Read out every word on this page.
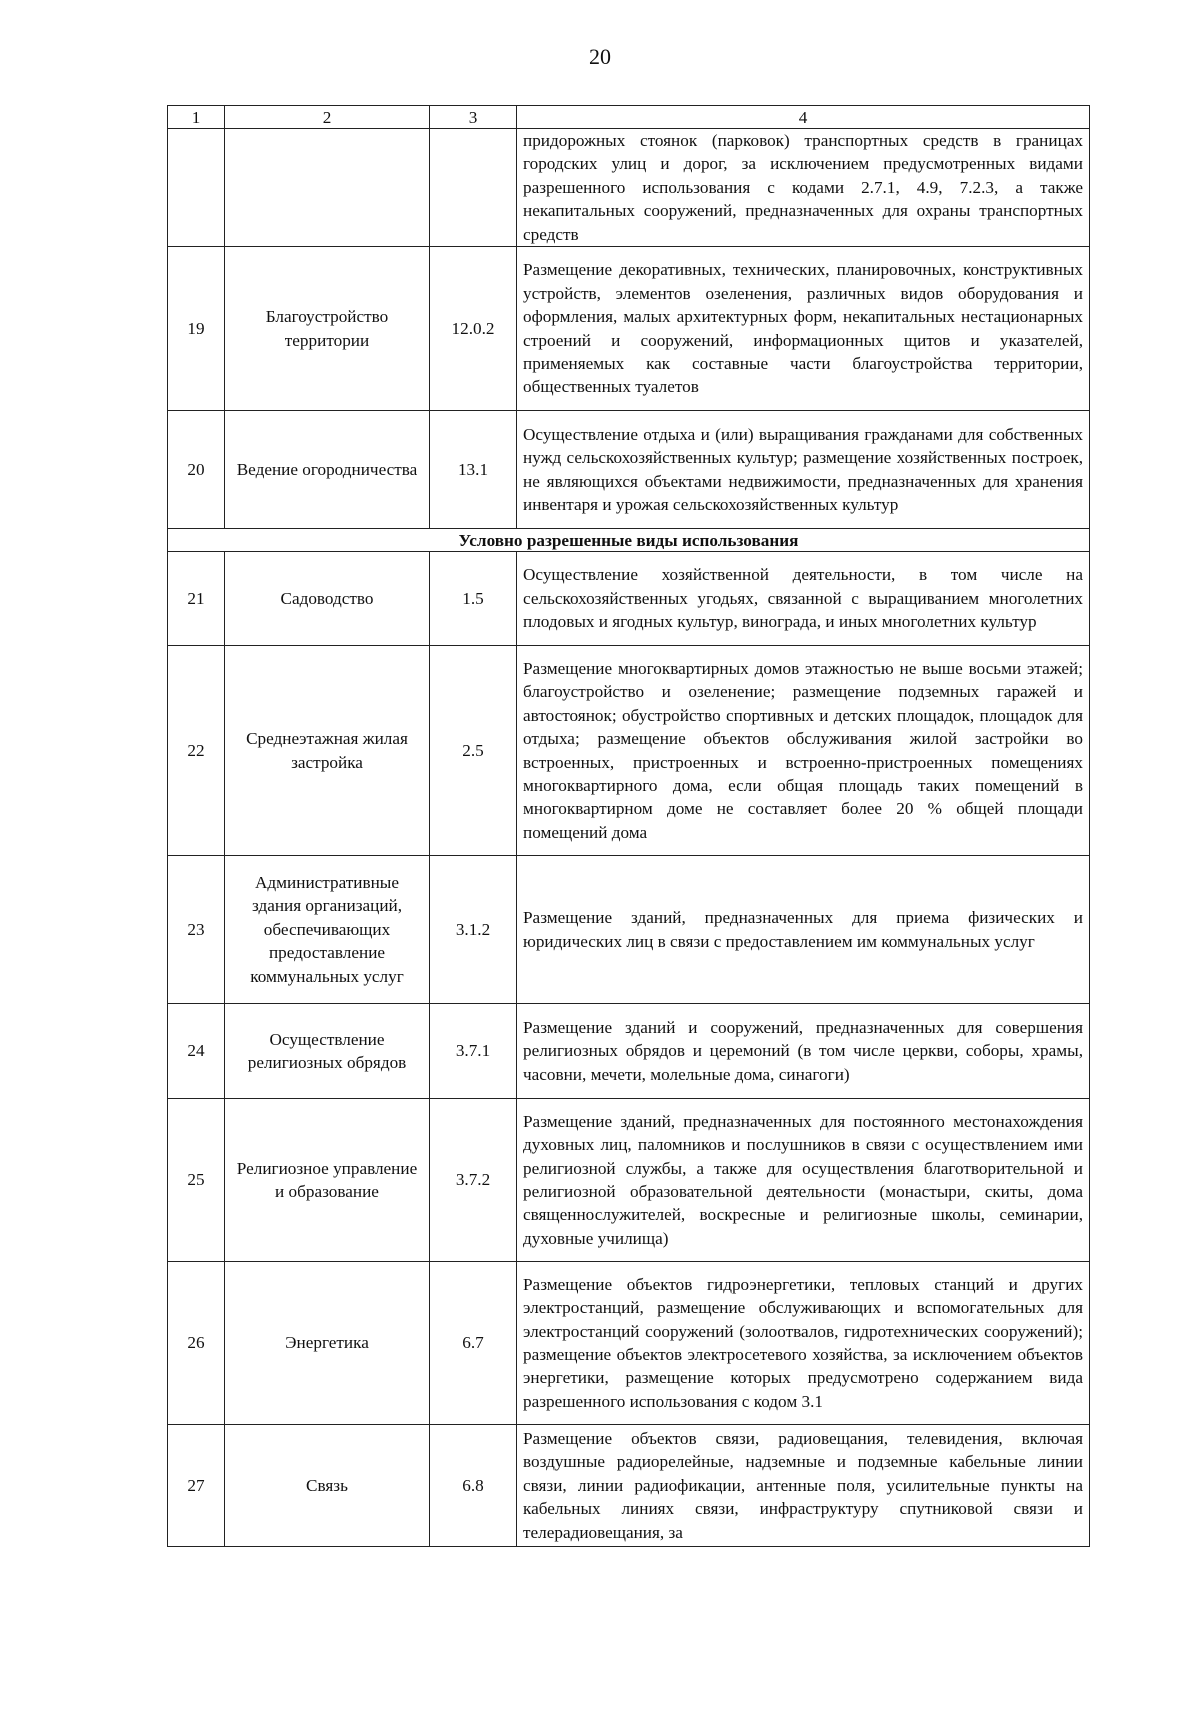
20
1	2	3	4
			придорожных стоянок (парковок) транспортных средств в границах городских улиц и дорог, за исключением предусмотренных видами разрешенного использования с кодами 2.7.1, 4.9, 7.2.3, а также некапитальных сооружений, предназначенных для охраны транспортных средств
19	Благоустройство территории	12.0.2	Размещение декоративных, технических, планировочных, конструктивных устройств, элементов озеленения, различных видов оборудования и оформления, малых архитектурных форм, некапитальных нестационарных строений и сооружений, информационных щитов и указателей, применяемых как составные части благоустройства территории, общественных туалетов
20	Ведение огородничества	13.1	Осуществление отдыха и (или) выращивания гражданами для собственных нужд сельскохозяйственных культур; размещение хозяйственных построек, не являющихся объектами недвижимости, предназначенных для хранения инвентаря и урожая сельскохозяйственных культур
Условно разрешенные виды использования			
21	Садоводство	1.5	Осуществление хозяйственной деятельности, в том числе на сельскохозяйственных угодьях, связанной с выращиванием многолетних плодовых и ягодных культур, винограда, и иных многолетних культур
22	Среднеэтажная жилая застройка	2.5	Размещение многоквартирных домов этажностью не выше восьми этажей; благоустройство и озеленение; размещение подземных гаражей и автостоянок; обустройство спортивных и детских площадок, площадок для отдыха; размещение объектов обслуживания жилой застройки во встроенных, пристроенных и встроенно-пристроенных помещениях многоквартирного дома, если общая площадь таких помещений в многоквартирном доме не составляет более 20 % общей площади помещений дома
23	Административные здания организаций, обеспечивающих предоставление коммунальных услуг	3.1.2	Размещение зданий, предназначенных для приема физических и юридических лиц в связи с предоставлением им коммунальных услуг
24	Осуществление религиозных обрядов	3.7.1	Размещение зданий и сооружений, предназначенных для совершения религиозных обрядов и церемоний (в том числе церкви, соборы, храмы, часовни, мечети, молельные дома, синагоги)
25	Религиозное управление и образование	3.7.2	Размещение зданий, предназначенных для постоянного местонахождения духовных лиц, паломников и послушников в связи с осуществлением ими религиозной службы, а также для осуществления благотворительной и религиозной образовательной деятельности (монастыри, скиты, дома священнослужителей, воскресные и религиозные школы, семинарии, духовные училища)
26	Энергетика	6.7	Размещение объектов гидроэнергетики, тепловых станций и других электростанций, размещение обслуживающих и вспомогательных для электростанций сооружений (золоотвалов, гидротехнических сооружений); размещение объектов электросетевого хозяйства, за исключением объектов энергетики, размещение которых предусмотрено содержанием вида разрешенного использования с кодом 3.1
27	Связь	6.8	Размещение объектов связи, радиовещания, телевидения, включая воздушные радиорелейные, надземные и подземные кабельные линии связи, линии радиофикации, антенные поля, усилительные пункты на кабельных линиях связи, инфраструктуру спутниковой связи и телерадиовещания, за
